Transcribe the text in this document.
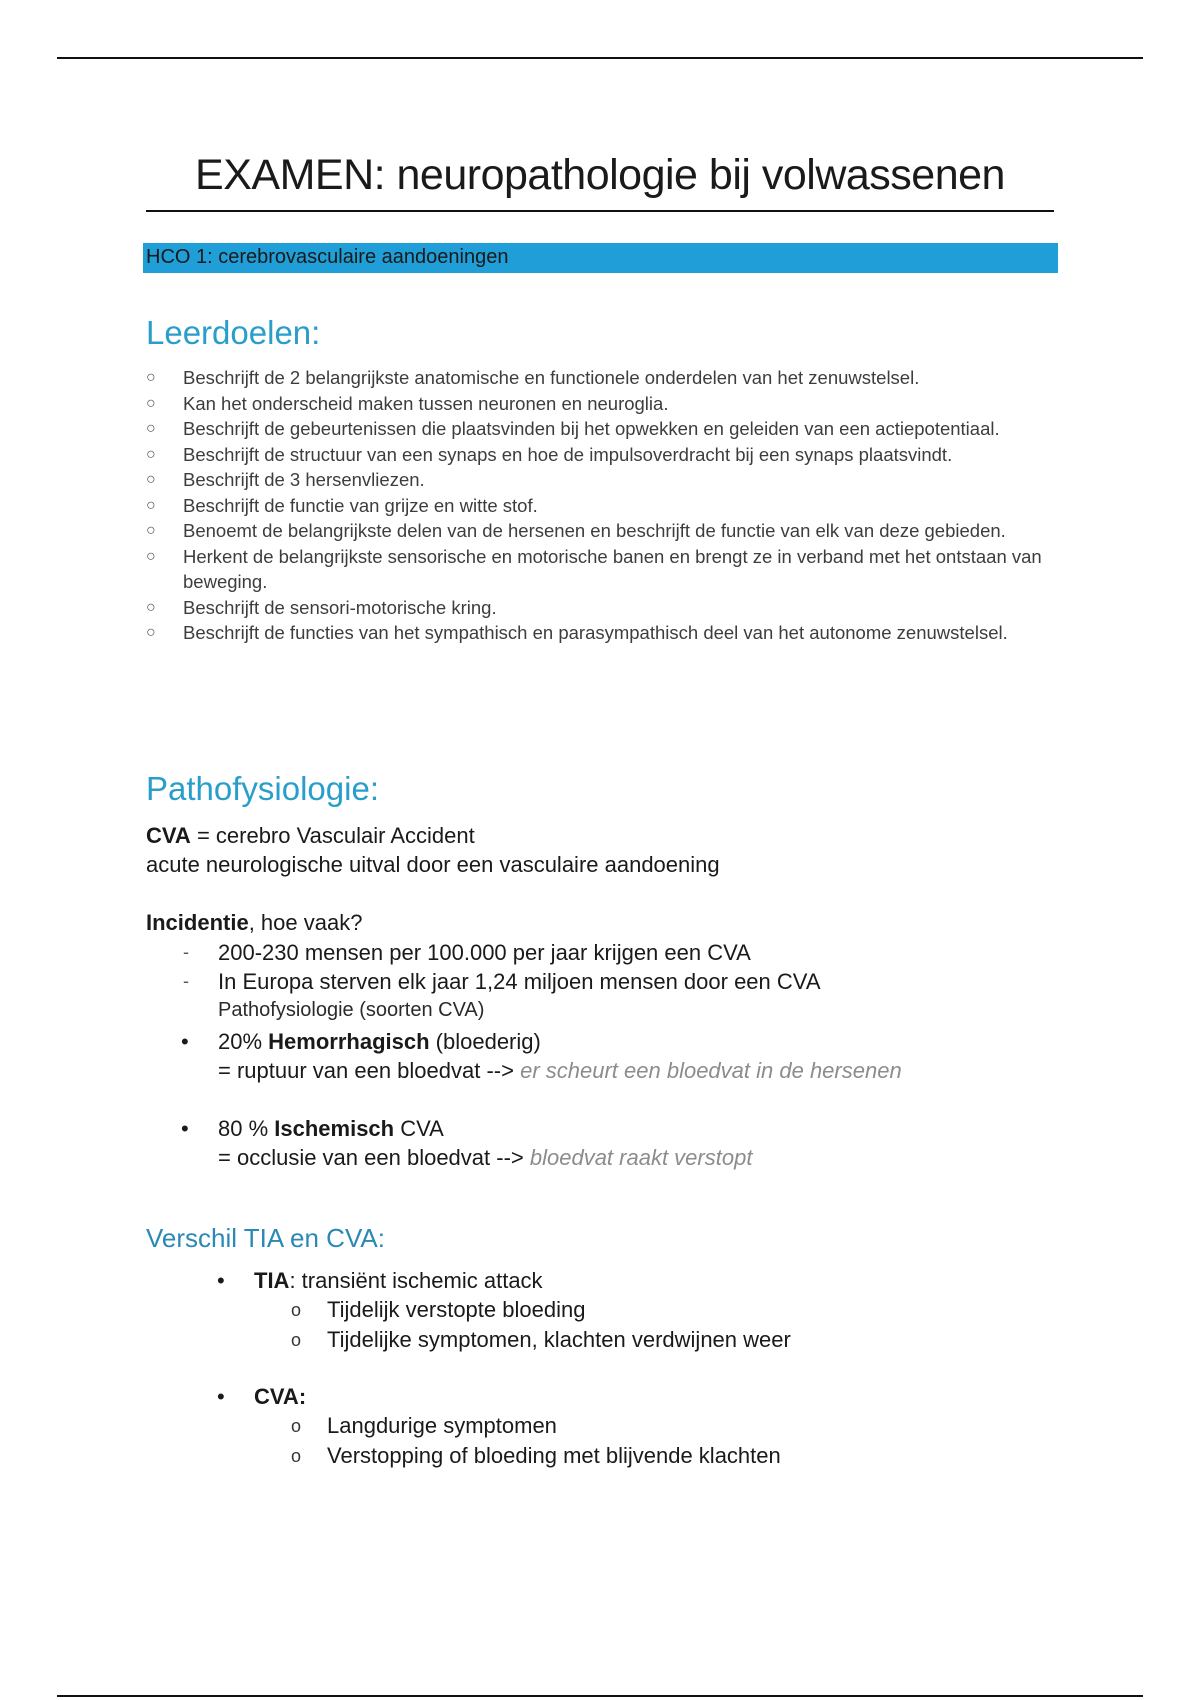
EXAMEN: neuropathologie bij volwassenen
HCO 1: cerebrovasculaire aandoeningen
Leerdoelen:
○ Beschrijft de 2 belangrijkste anatomische en functionele onderdelen van het zenuwstelsel.
○ Kan het onderscheid maken tussen neuronen en neuroglia.
○ Beschrijft de gebeurtenissen die plaatsvinden bij het opwekken en geleiden van een actiepotentiaal.
○ Beschrijft de structuur van een synaps en hoe de impulsoverdracht bij een synaps plaatsvindt.
○ Beschrijft de 3 hersenvliezen.
○ Beschrijft de functie van grijze en witte stof.
○ Benoemt de belangrijkste delen van de hersenen en beschrijft de functie van elk van deze gebieden.
○ Herkent de belangrijkste sensorische en motorische banen en brengt ze in verband met het ontstaan van beweging.
○ Beschrijft de sensori-motorische kring.
○ Beschrijft de functies van het sympathisch en parasympathisch deel van het autonome zenuwstelsel.
Pathofysiologie:
CVA = cerebro Vasculair Accident
acute neurologische uitval door een vasculaire aandoening
Incidentie, hoe vaak?
- 200-230 mensen per 100.000 per jaar krijgen een CVA
- In Europa sterven elk jaar 1,24 miljoen mensen door een CVA
Pathofysiologie (soorten CVA)
• 20% Hemorrhagisch (bloederig)
= ruptuur van een bloedvat --> er scheurt een bloedvat in de hersenen
• 80 % Ischemisch CVA
= occlusie van een bloedvat --> bloedvat raakt verstopt
Verschil TIA en CVA:
• TIA: transiënt ischemic attack
o Tijdelijk verstopte bloeding
o Tijdelijke symptomen, klachten verdwijnen weer
• CVA:
o Langdurige symptomen
o Verstopping of bloeding met blijvende klachten
